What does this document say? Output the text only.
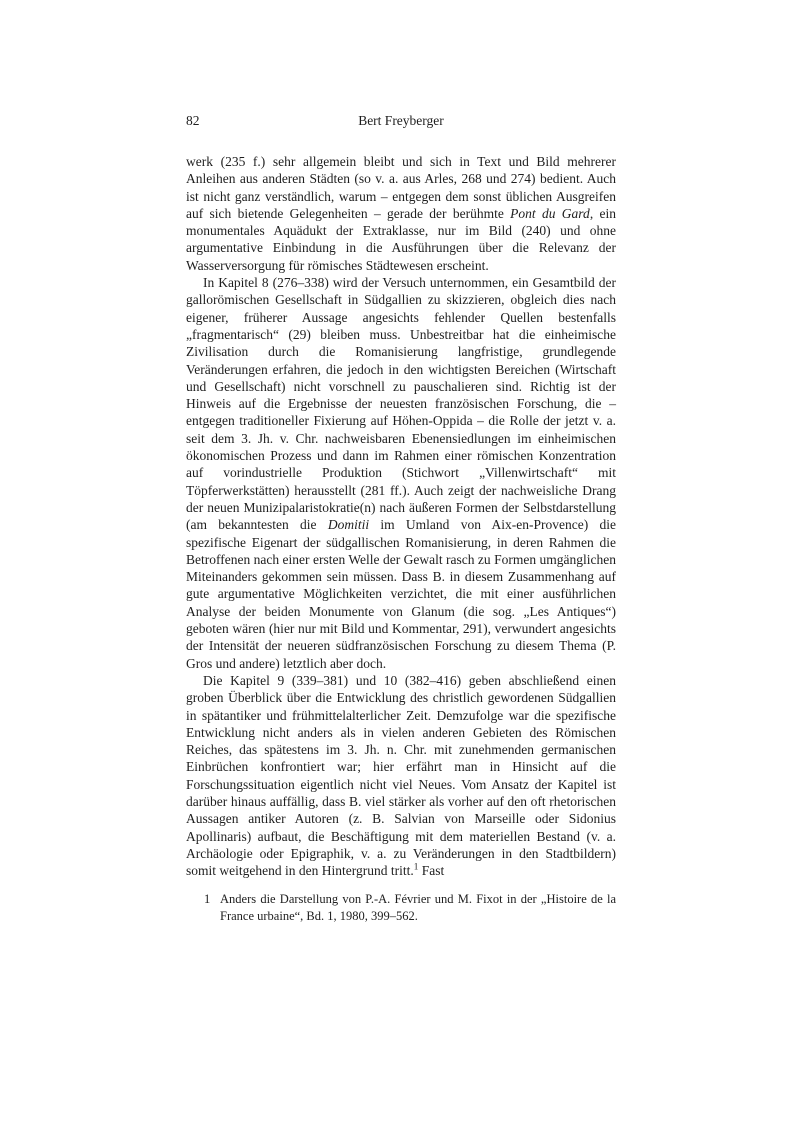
82	Bert Freyberger

werk (235 f.) sehr allgemein bleibt und sich in Text und Bild mehrerer Anleihen aus anderen Städten (so v. a. aus Arles, 268 und 274) bedient. Auch ist nicht ganz verständlich, warum – entgegen dem sonst üblichen Ausgreifen auf sich bietende Gelegenheiten – gerade der berühmte Pont du Gard, ein monumentales Aquädukt der Extraklasse, nur im Bild (240) und ohne argumentative Einbindung in die Ausführungen über die Relevanz der Wasserversorgung für römisches Städtewesen erscheint.

In Kapitel 8 (276–338) wird der Versuch unternommen, ein Gesamtbild der gallorömischen Gesellschaft in Südgallien zu skizzieren, obgleich dies nach eigener, früherer Aussage angesichts fehlender Quellen bestenfalls „fragmentarisch“ (29) bleiben muss. Unbestreitbar hat die einheimische Zivilisation durch die Romanisierung langfristige, grundlegende Veränderungen erfahren, die jedoch in den wichtigsten Bereichen (Wirtschaft und Gesellschaft) nicht vorschnell zu pauschalieren sind. Richtig ist der Hinweis auf die Ergebnisse der neuesten französischen Forschung, die – entgegen traditioneller Fixierung auf Höhen-Oppida – die Rolle der jetzt v. a. seit dem 3. Jh. v. Chr. nachweisbaren Ebenensiedlungen im einheimischen ökonomischen Prozess und dann im Rahmen einer römischen Konzentration auf vorindustrielle Produktion (Stichwort „Villenwirtschaft“ mit Töpferwerkstätten) herausstellt (281 ff.). Auch zeigt der nachweisliche Drang der neuen Munizipalaristokratie(n) nach äußeren Formen der Selbstdarstellung (am bekanntesten die Domitii im Umland von Aix-en-Provence) die spezifische Eigenart der südgallischen Romanisierung, in deren Rahmen die Betroffenen nach einer ersten Welle der Gewalt rasch zu Formen umgänglichen Miteinanders gekommen sein müssen. Dass B. in diesem Zusammenhang auf gute argumentative Möglichkeiten verzichtet, die mit einer ausführlichen Analyse der beiden Monumente von Glanum (die sog. „Les Antiques“) geboten wären (hier nur mit Bild und Kommentar, 291), verwundert angesichts der Intensität der neueren südfranzösischen Forschung zu diesem Thema (P. Gros und andere) letztlich aber doch.

Die Kapitel 9 (339–381) und 10 (382–416) geben abschließend einen groben Überblick über die Entwicklung des christlich gewordenen Südgallien in spätantiker und frühmittelalterlicher Zeit. Demzufolge war die spezifische Entwicklung nicht anders als in vielen anderen Gebieten des Römischen Reiches, das spätestens im 3. Jh. n. Chr. mit zunehmenden germanischen Einbrüchen konfrontiert war; hier erfährt man in Hinsicht auf die Forschungssituation eigentlich nicht viel Neues. Vom Ansatz der Kapitel ist darüber hinaus auffällig, dass B. viel stärker als vorher auf den oft rhetorischen Aussagen antiker Autoren (z. B. Salvian von Marseille oder Sidonius Apollinaris) aufbaut, die Beschäftigung mit dem materiellen Bestand (v. a. Archäologie oder Epigraphik, v. a. zu Veränderungen in den Stadtbildern) somit weitgehend in den Hintergrund tritt.$^1$ Fast

1 Anders die Darstellung von P.-A. Février und M. Fixot in der „Histoire de la France urbaine“, Bd. 1, 1980, 399–562.
